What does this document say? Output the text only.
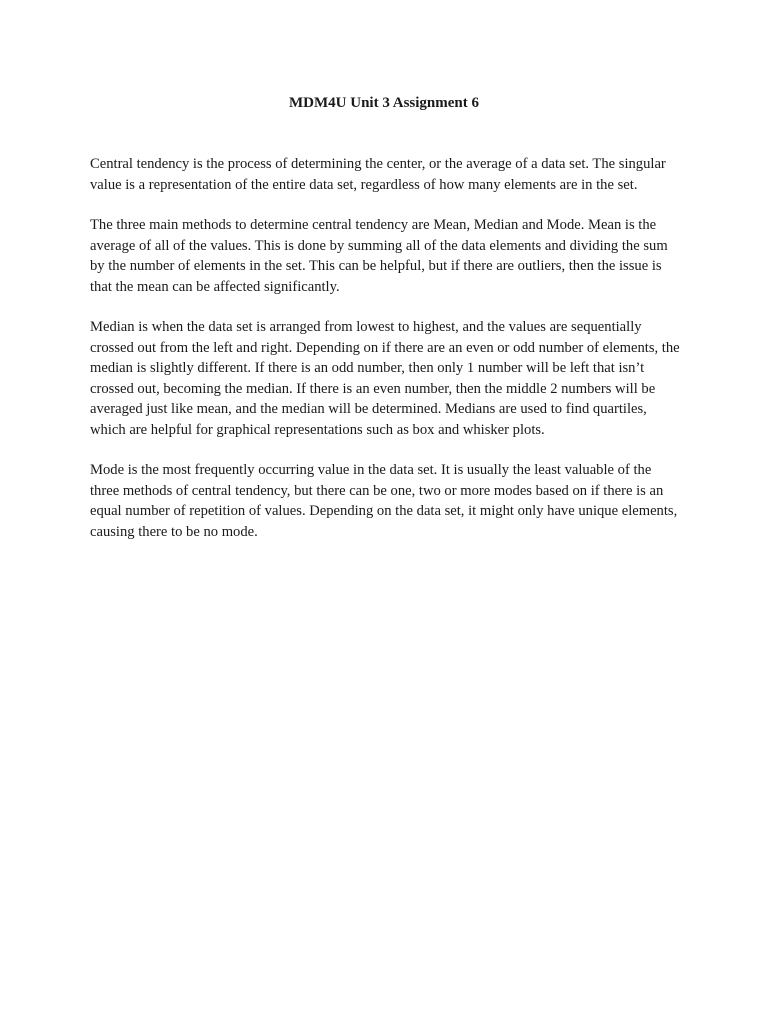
MDM4U Unit 3 Assignment 6

Central tendency is the process of determining the center, or the average of a data set. The singular value is a representation of the entire data set, regardless of how many elements are in the set.

The three main methods to determine central tendency are Mean, Median and Mode. Mean is the average of all of the values. This is done by summing all of the data elements and dividing the sum by the number of elements in the set. This can be helpful, but if there are outliers, then the issue is that the mean can be affected significantly.

Median is when the data set is arranged from lowest to highest, and the values are sequentially crossed out from the left and right. Depending on if there are an even or odd number of elements, the median is slightly different. If there is an odd number, then only 1 number will be left that isn’t crossed out, becoming the median. If there is an even number, then the middle 2 numbers will be averaged just like mean, and the median will be determined. Medians are used to find quartiles, which are helpful for graphical representations such as box and whisker plots.

Mode is the most frequently occurring value in the data set. It is usually the least valuable of the three methods of central tendency, but there can be one, two or more modes based on if there is an equal number of repetition of values. Depending on the data set, it might only have unique elements, causing there to be no mode.
